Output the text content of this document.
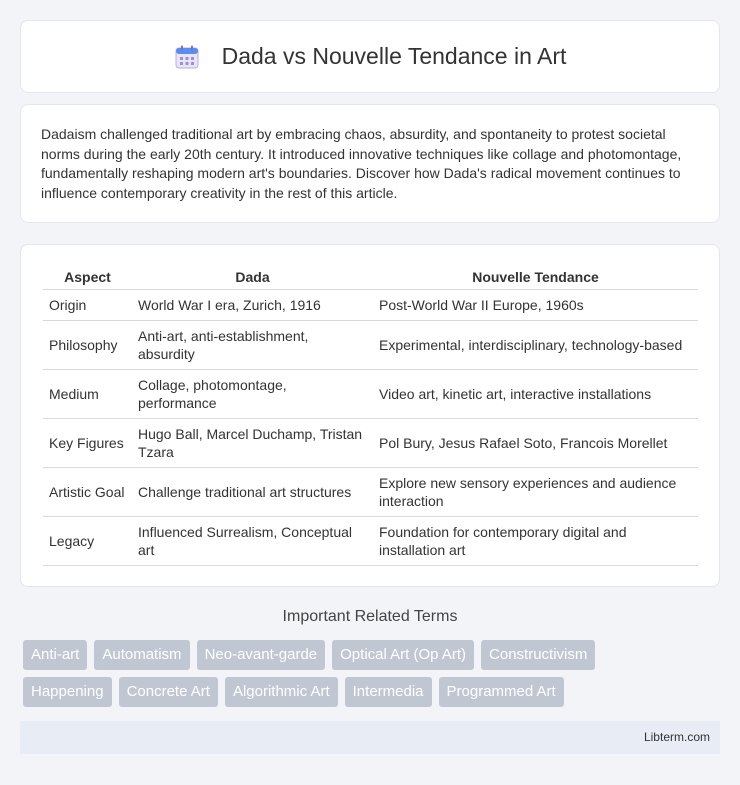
Dada vs Nouvelle Tendance in Art

Dadaism challenged traditional art by embracing chaos, absurdity, and spontaneity to protest societal norms during the early 20th century. It introduced innovative techniques like collage and photomontage, fundamentally reshaping modern art's boundaries. Discover how Dada's radical movement continues to influence contemporary creativity in the rest of this article.

Aspect	Dada	Nouvelle Tendance
Origin	World War I era, Zurich, 1916	Post-World War II Europe, 1960s
Philosophy	Anti-art, anti-establishment, absurdity	Experimental, interdisciplinary, technology-based
Medium	Collage, photomontage, performance	Video art, kinetic art, interactive installations
Key Figures	Hugo Ball, Marcel Duchamp, Tristan Tzara	Pol Bury, Jesus Rafael Soto, Francois Morellet
Artistic Goal	Challenge traditional art structures	Explore new sensory experiences and audience interaction
Legacy	Influenced Surrealism, Conceptual art	Foundation for contemporary digital and installation art
Important Related Terms
Anti-art	Automatism	Neo-avant-garde	Optical Art (Op Art)	Constructivism
Happening	Concrete Art	Algorithmic Art	Intermedia	Programmed Art
Libterm.com
